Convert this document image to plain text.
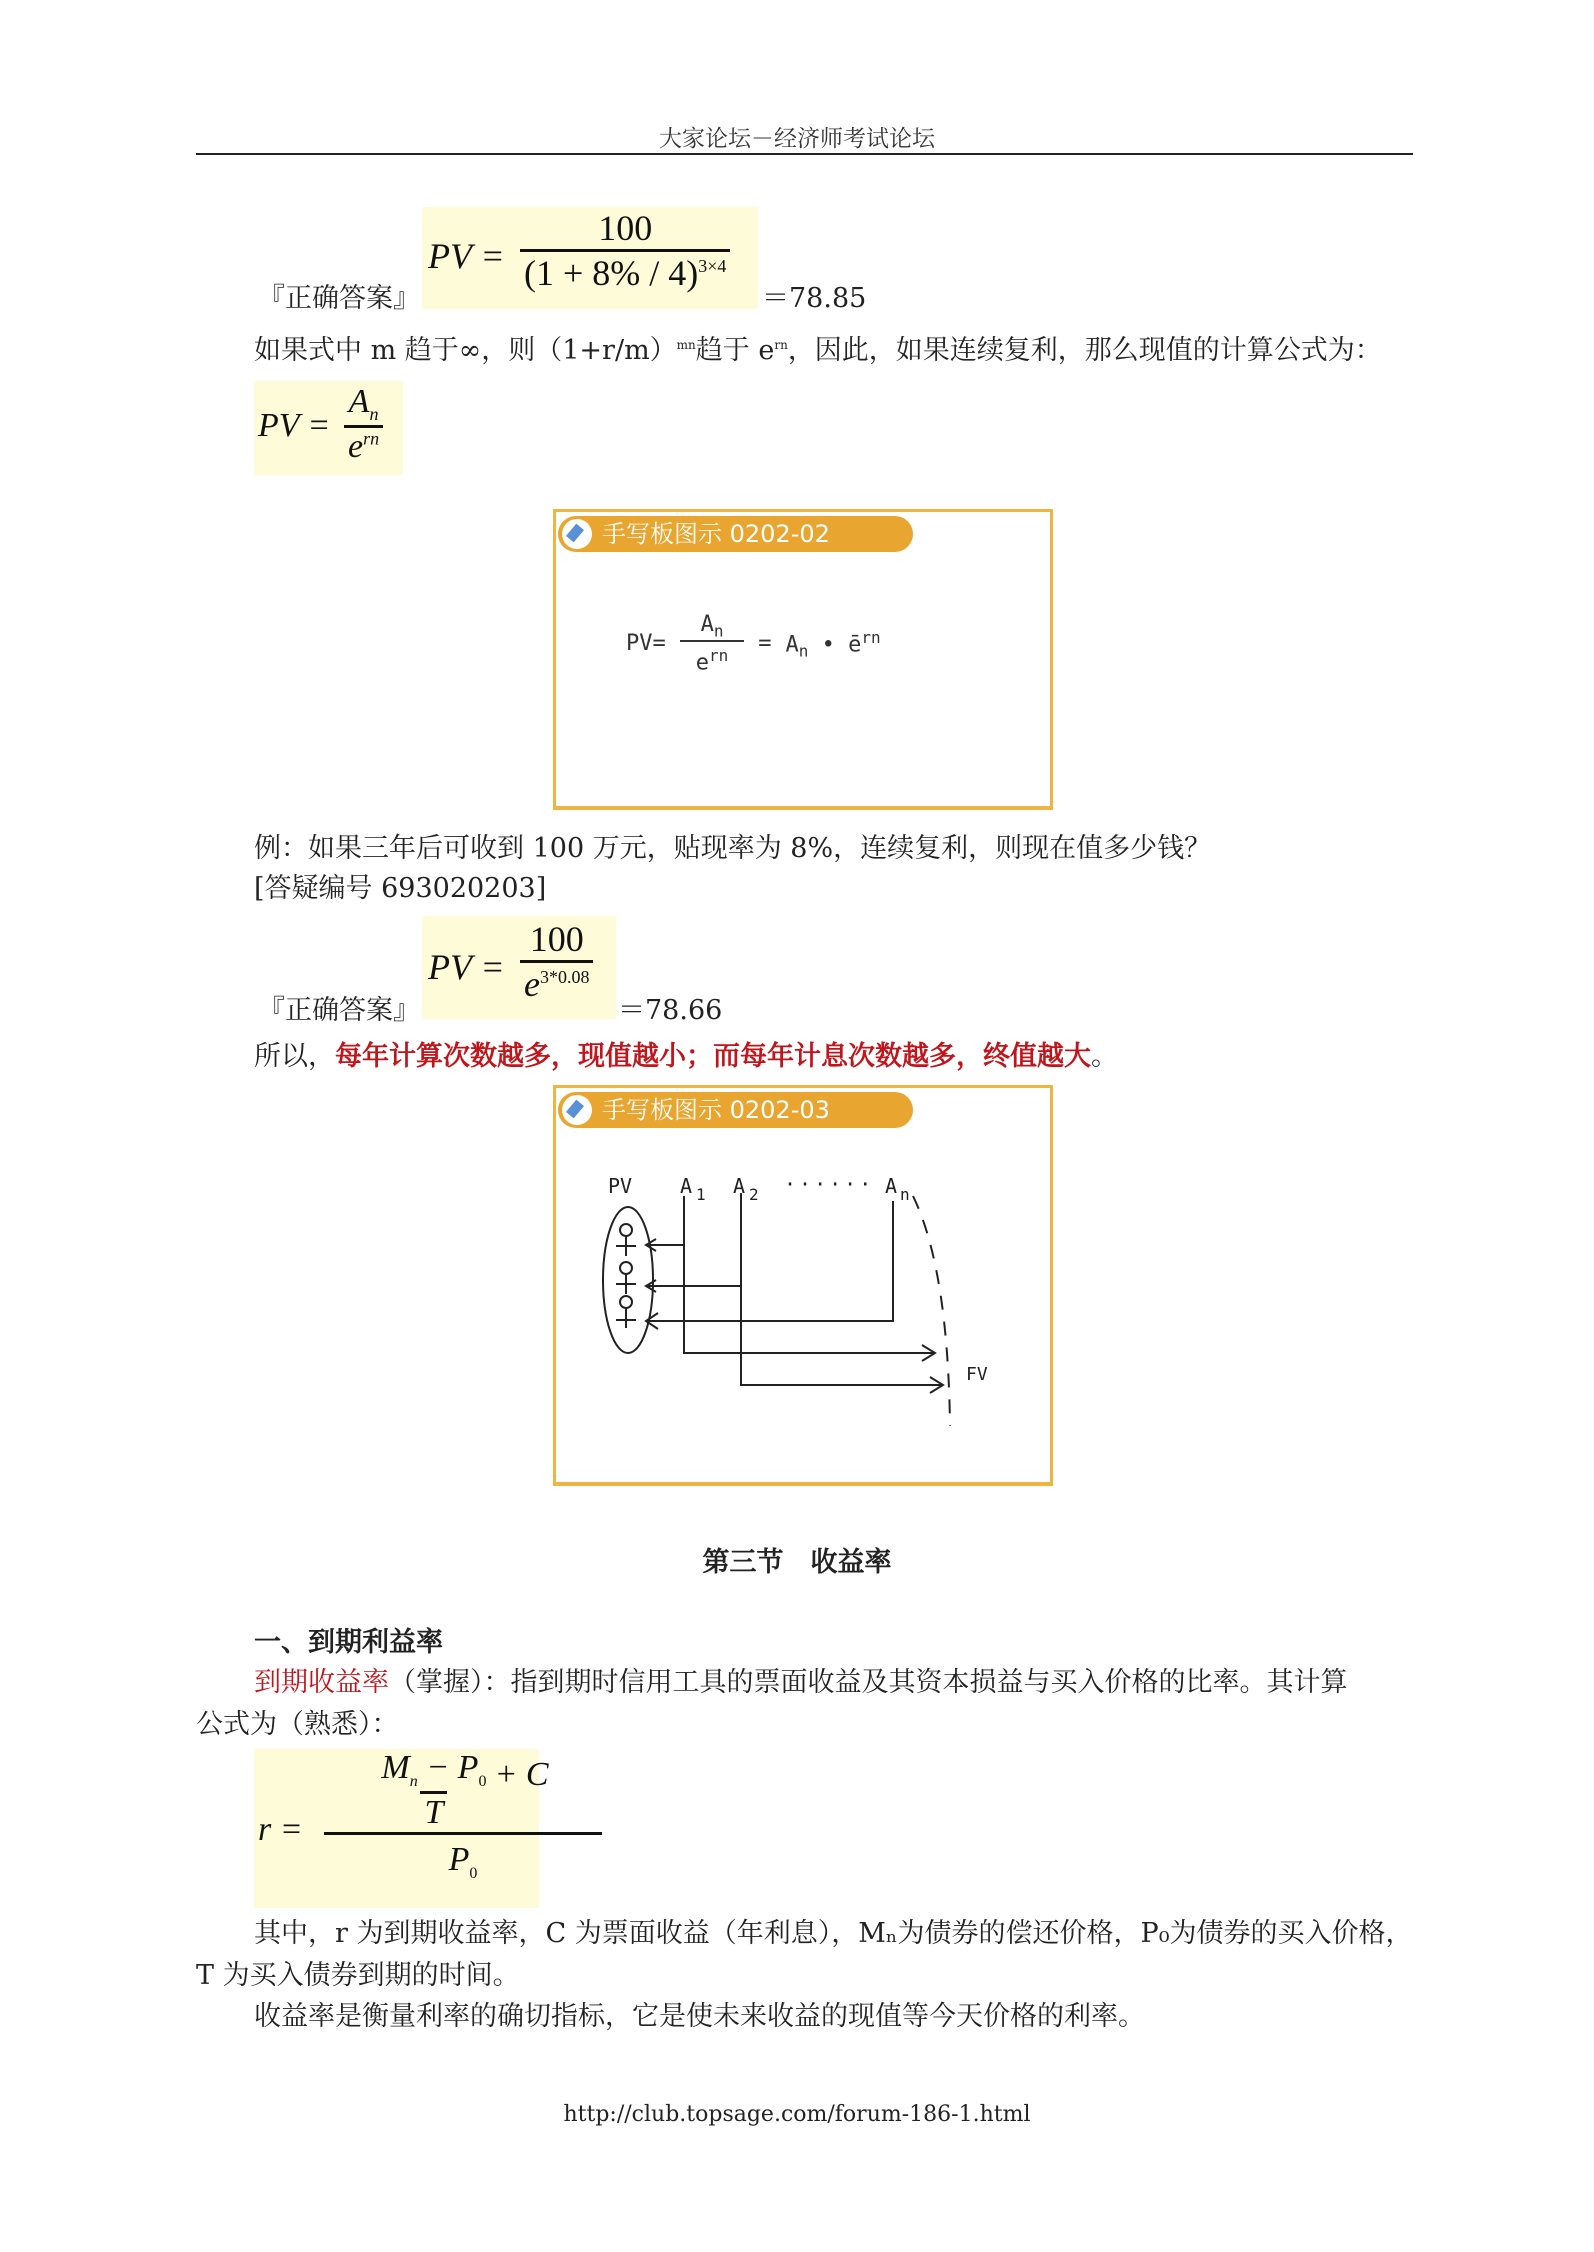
大家论坛－经济师考试论坛
『正确答案』
PV = $\frac{100}{(1 + 8\% / 4)^{3\times 4}}$
＝78.85
如果式中 m 趋于∞，则$(1+r/m)^{mn}$趋于 $e^{rn}$，因此，如果连续复利，那么现值的计算公式为：
PV =
$A_n$
$e^{rn}$
手写板图示 0202-02
$PV= \frac{A_n}{e^{rn}} = A_n$ • $ē^{rn}$
例：如果三年后可收到 100 万元，贴现率为 8%，连续复利，则现在值多少钱？
[答疑编号 693020203]
『正确答案』
PV = $\frac{100}{e^{3*0.08}}$
＝78.66
所以，每年计算次数越多，现值越小；而每年计息次数越多，终值越大。
手写板图示 0202-03
PV A 1 A 2 ······ A n
FV
第三节　收益率
一、到期利益率
到期收益率（掌握）：指到期时信用工具的票面收益及其资本损益与买入价格的比率。其计算
公式为（熟悉）：
$r = \frac{\frac{M_n - P_0}{T} + C}{P_0}$
其中，r 为到期收益率，C 为票面收益（年利息），Mₙ为债券的偿还价格，P₀为债券的买入价格，
T 为买入债券到期的时间。
收益率是衡量利率的确切指标，它是使未来收益的现值等今天价格的利率。
http://club.topsage.com/forum-186-1.html
